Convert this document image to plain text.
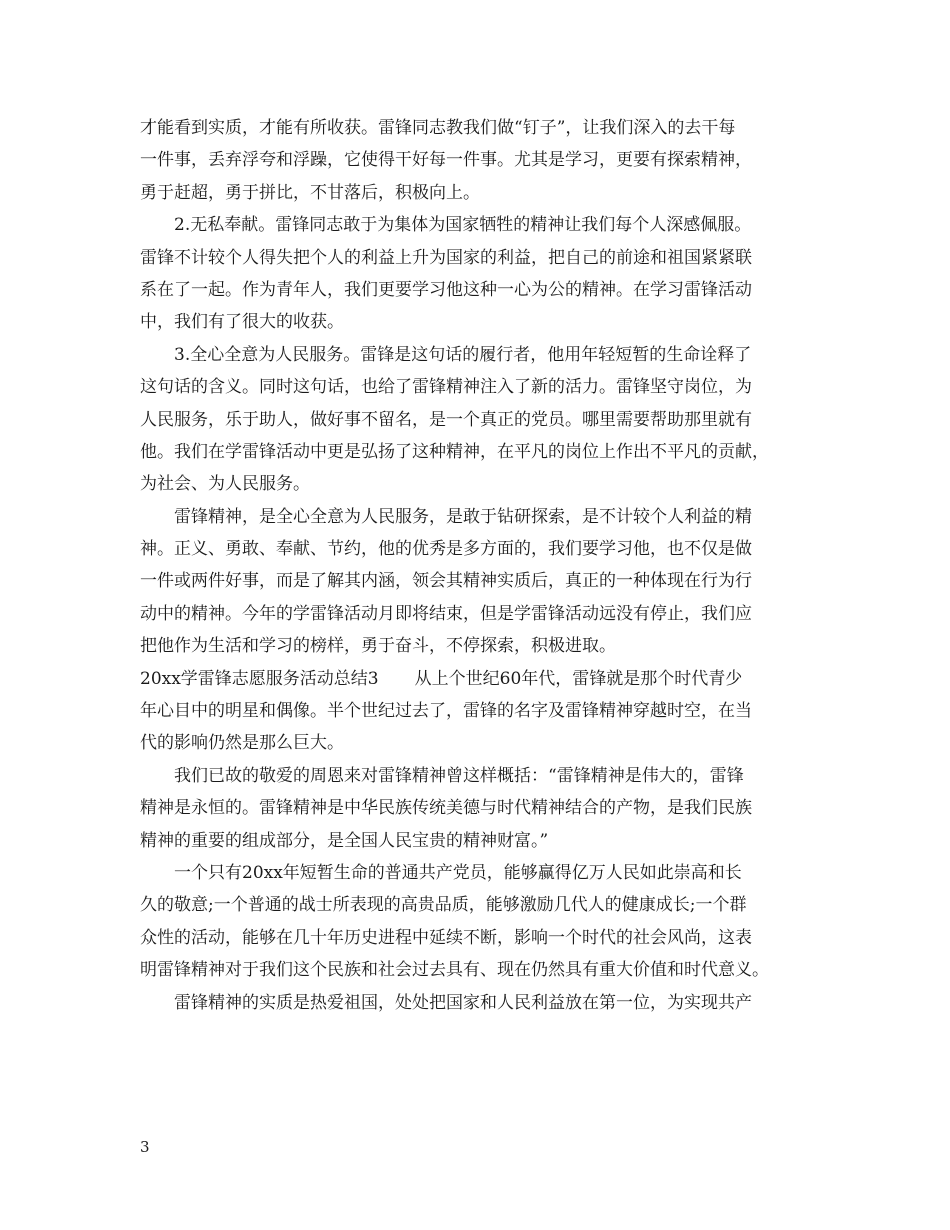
才能看到实质，才能有所收获。雷锋同志教我们做“钉子”，让我们深入的去干每
一件事，丢弃浮夸和浮躁，它使得干好每一件事。尤其是学习，更要有探索精神，
勇于赶超，勇于拼比，不甘落后，积极向上。
2.无私奉献。雷锋同志敢于为集体为国家牺牲的精神让我们每个人深感佩服。
雷锋不计较个人得失把个人的利益上升为国家的利益，把自己的前途和祖国紧紧联
系在了一起。作为青年人，我们更要学习他这种一心为公的精神。在学习雷锋活动
中，我们有了很大的收获。
3.全心全意为人民服务。雷锋是这句话的履行者，他用年轻短暂的生命诠释了
这句话的含义。同时这句话，也给了雷锋精神注入了新的活力。雷锋坚守岗位，为
人民服务，乐于助人，做好事不留名，是一个真正的党员。哪里需要帮助那里就有
他。我们在学雷锋活动中更是弘扬了这种精神，在平凡的岗位上作出不平凡的贡献，
为社会、为人民服务。
雷锋精神，是全心全意为人民服务，是敢于钻研探索，是不计较个人利益的精
神。正义、勇敢、奉献、节约，他的优秀是多方面的，我们要学习他，也不仅是做
一件或两件好事，而是了解其内涵，领会其精神实质后，真正的一种体现在行为行
动中的精神。今年的学雷锋活动月即将结束，但是学雷锋活动远没有停止，我们应
把他作为生活和学习的榜样，勇于奋斗，不停探索，积极进取。
20xx学雷锋志愿服务活动总结3 从上个世纪60年代，雷锋就是那个时代青少
年心目中的明星和偶像。半个世纪过去了，雷锋的名字及雷锋精神穿越时空，在当
代的影响仍然是那么巨大。
我们已故的敬爱的周恩来对雷锋精神曾这样概括：“雷锋精神是伟大的，雷锋
精神是永恒的。雷锋精神是中华民族传统美德与时代精神结合的产物，是我们民族
精神的重要的组成部分，是全国人民宝贵的精神财富。”
一个只有20xx年短暂生命的普通共产党员，能够赢得亿万人民如此崇高和长
久的敬意;一个普通的战士所表现的高贵品质，能够激励几代人的健康成长;一个群
众性的活动，能够在几十年历史进程中延续不断，影响一个时代的社会风尚，这表
明雷锋精神对于我们这个民族和社会过去具有、现在仍然具有重大价值和时代意义。
雷锋精神的实质是热爱祖国，处处把国家和人民利益放在第一位，为实现共产
3
